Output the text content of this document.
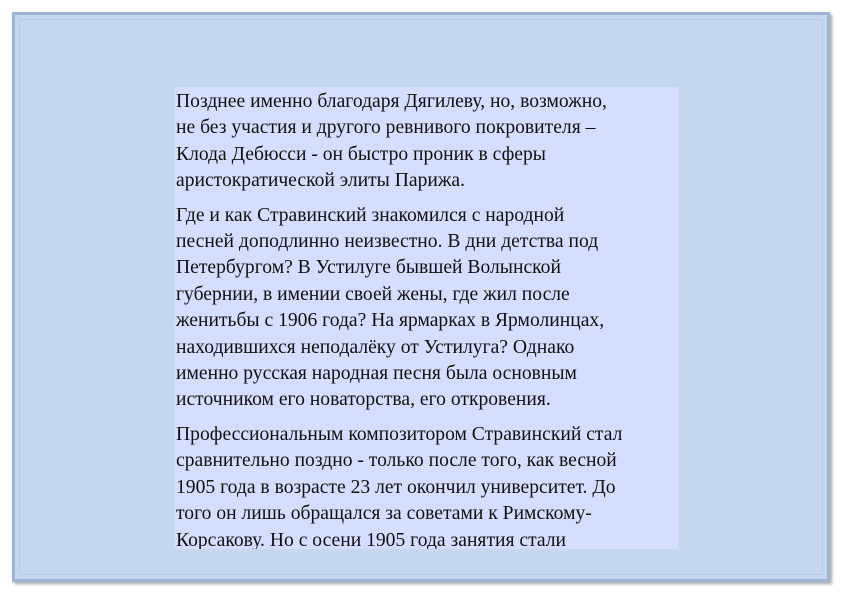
Позднее именно благодаря Дягилеву, но, возможно,
не без участия и другого ревнивого покровителя –
Клода Дебюсси - он быстро проник в сферы
аристократической элиты Парижа.

Где и как Стравинский знакомился с народной
песней доподлинно неизвестно. В дни детства под
Петербургом? В Устилуге бывшей Волынской
губернии, в имении своей жены, где жил после
женитьбы с 1906 года? На ярмарках в Ярмолинцах,
находившихся неподалёку от Устилуга? Однако
именно русская народная песня была основным
источником его новаторства, его откровения.

Профессиональным композитором Стравинский стал
сравнительно поздно - только после того, как весной
1905 года в возрасте 23 лет окончил университет. До
того он лишь обращался за советами к Римскому-
Корсакову. Но с осени 1905 года занятия стали
